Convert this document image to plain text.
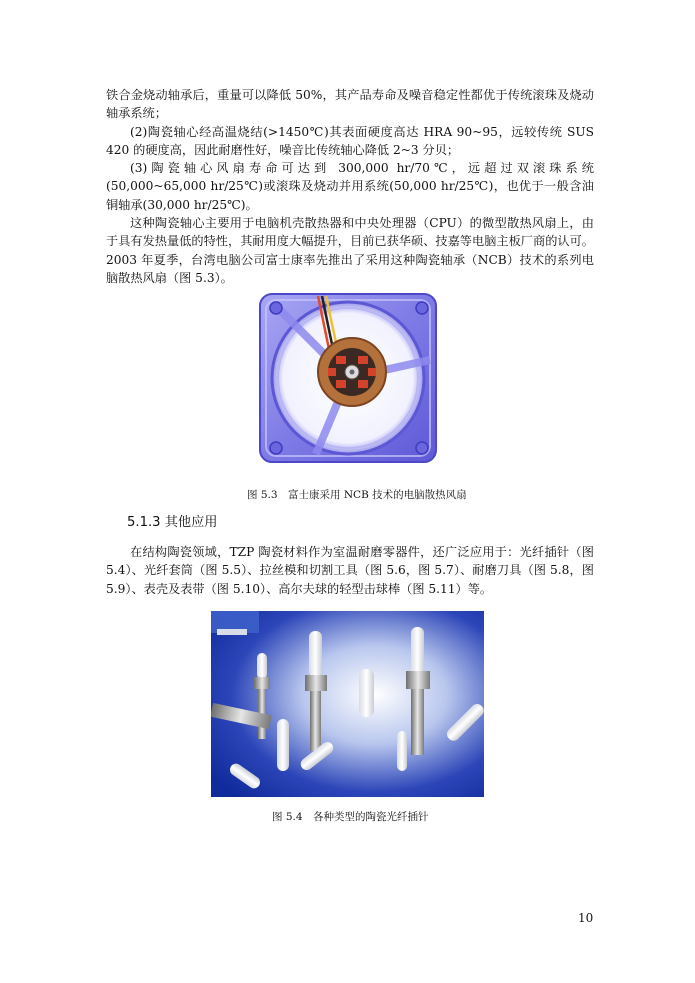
铁合金烧动轴承后，重量可以降低 50%，其产品寿命及噪音稳定性都优于传统滚珠及烧动轴承系统；

(2)陶瓷轴心经高温烧结(>1450℃)其表面硬度高达 HRA 90~95，远较传统 SUS 420 的硬度高，因此耐磨性好，噪音比传统轴心降低 2~3 分贝；

(3)陶瓷轴心风扇寿命可达到 300,000 hr/70℃，远超过双滚珠系统(50,000~65,000 hr/25℃)或滚珠及烧动并用系统(50,000 hr/25℃)，也优于一般含油铜轴承(30,000 hr/25℃)。

这种陶瓷轴心主要用于电脑机壳散热器和中央处理器（CPU）的微型散热风扇上，由于具有发热量低的特性，其耐用度大幅提升，目前已获华硕、技嘉等电脑主板厂商的认可。2003 年夏季，台湾电脑公司富士康率先推出了采用这种陶瓷轴承（NCB）技术的系列电脑散热风扇（图 5.3）。

图 5.3　富士康采用 NCB 技术的电脑散热风扇
5.1.3 其他应用

在结构陶瓷领域，TZP 陶瓷材料作为室温耐磨零器件，还广泛应用于：光纤插针（图 5.4）、光纤套筒（图 5.5）、拉丝模和切割工具（图 5.6，图 5.7）、耐磨刀具（图 5.8，图 5.9）、表壳及表带（图 5.10）、高尔夫球的轻型击球棒（图 5.11）等。

图 5.4　各种类型的陶瓷光纤插针
10
